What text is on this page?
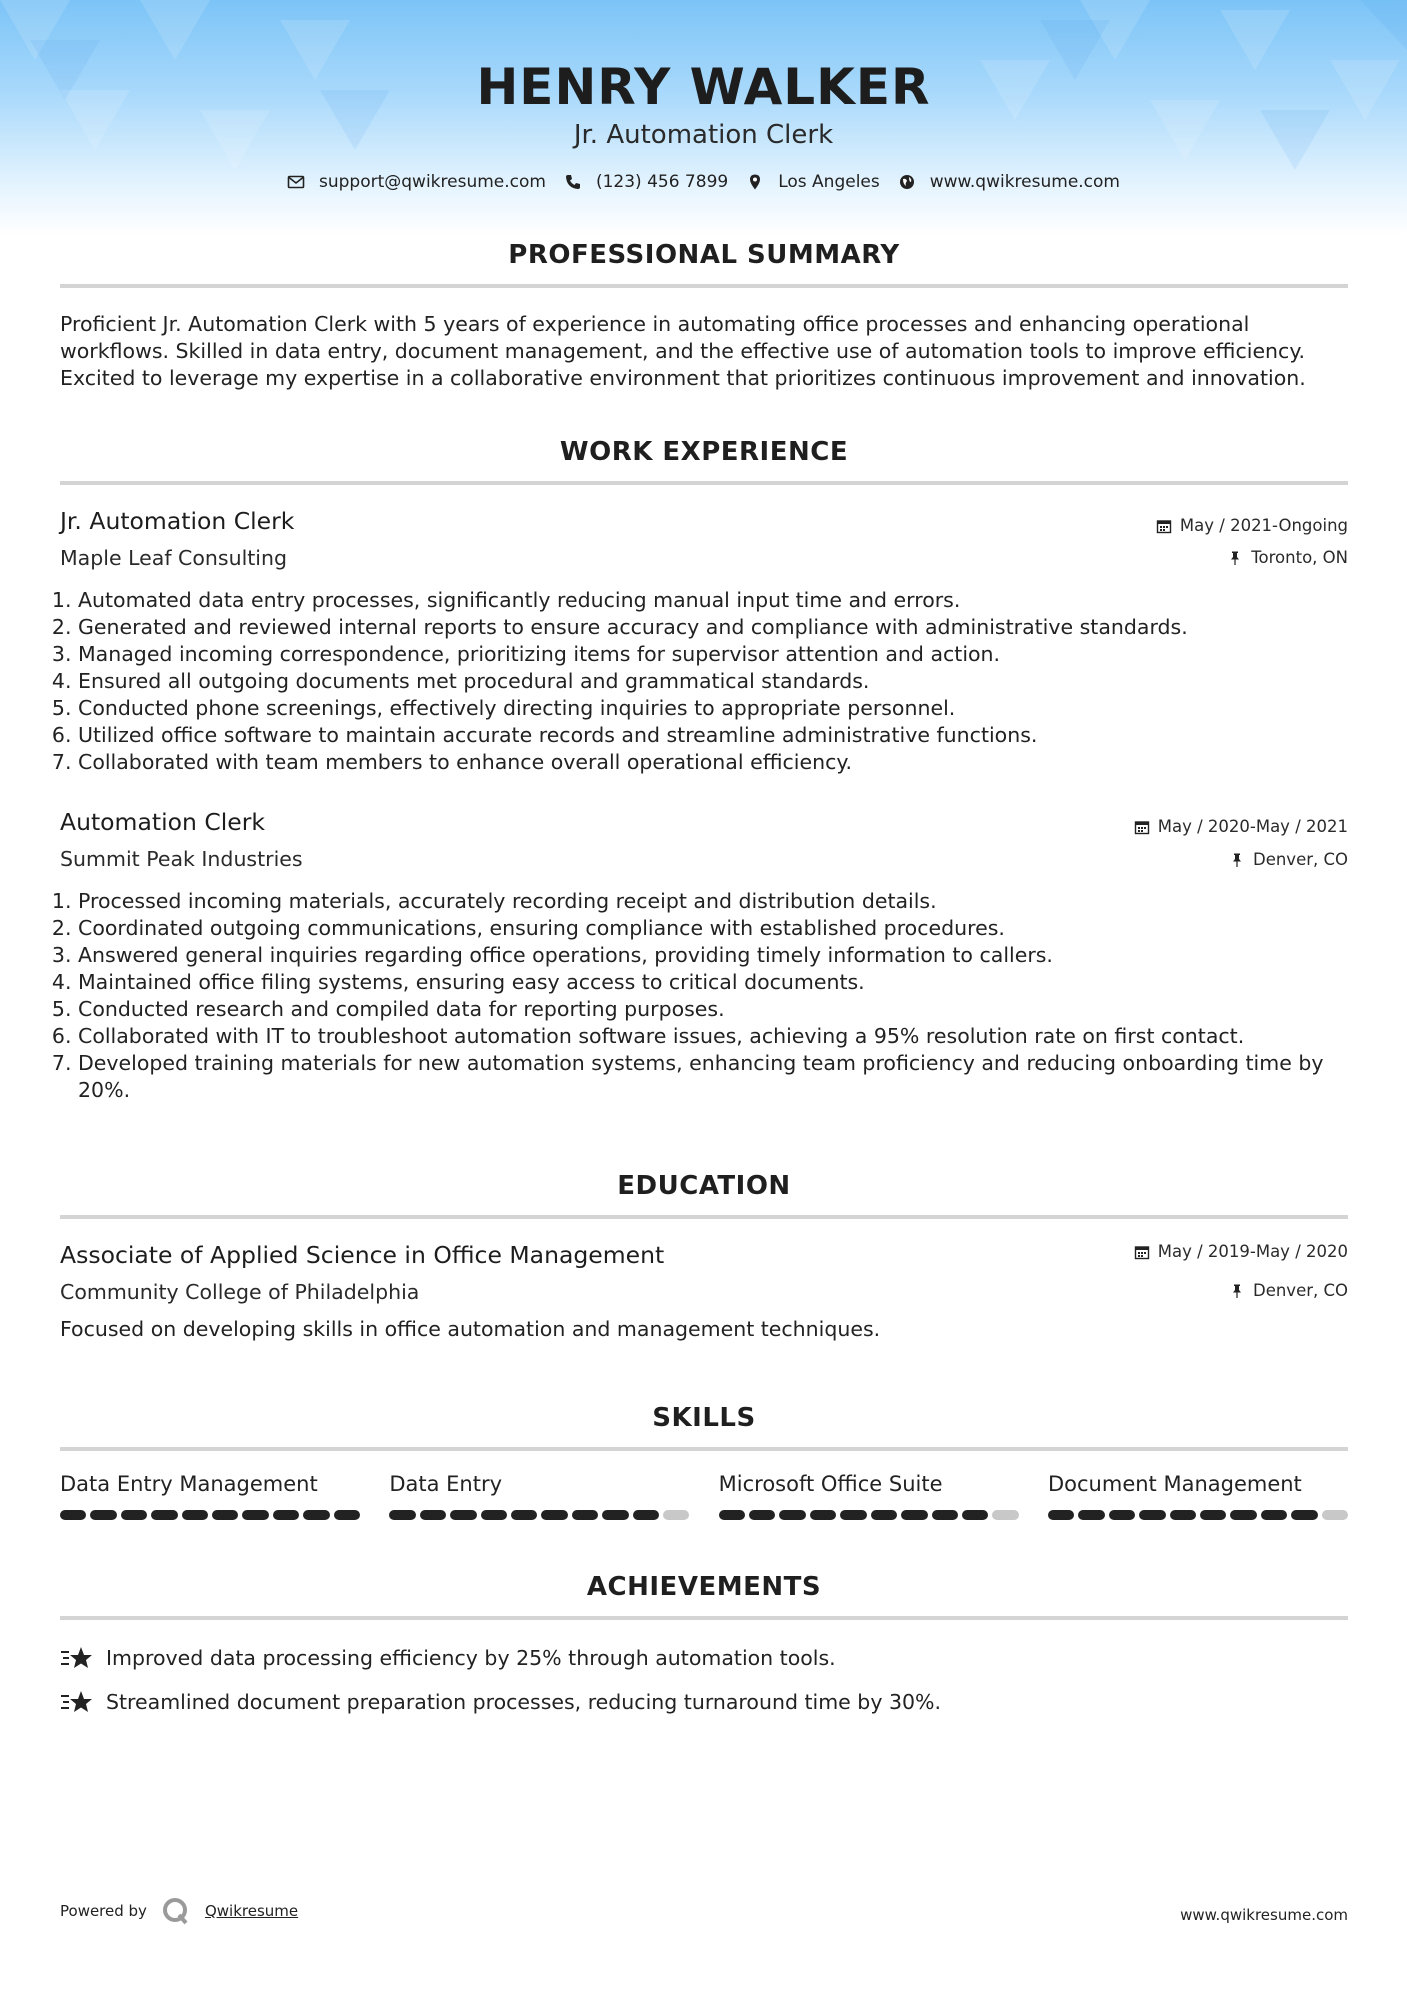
HENRY WALKER
Jr. Automation Clerk
support@qwikresume.com	(123) 456 7899	Los Angeles	www.qwikresume.com
PROFESSIONAL SUMMARY
Proficient Jr. Automation Clerk with 5 years of experience in automating office processes and enhancing operational workflows. Skilled in data entry, document management, and the effective use of automation tools to improve efficiency. Excited to leverage my expertise in a collaborative environment that prioritizes continuous improvement and innovation.
WORK EXPERIENCE
Jr. Automation Clerk	May / 2021-Ongoing
Maple Leaf Consulting	Toronto, ON
1. Automated data entry processes, significantly reducing manual input time and errors.
2. Generated and reviewed internal reports to ensure accuracy and compliance with administrative standards.
3. Managed incoming correspondence, prioritizing items for supervisor attention and action.
4. Ensured all outgoing documents met procedural and grammatical standards.
5. Conducted phone screenings, effectively directing inquiries to appropriate personnel.
6. Utilized office software to maintain accurate records and streamline administrative functions.
7. Collaborated with team members to enhance overall operational efficiency.
Automation Clerk	May / 2020-May / 2021
Summit Peak Industries	Denver, CO
1. Processed incoming materials, accurately recording receipt and distribution details.
2. Coordinated outgoing communications, ensuring compliance with established procedures.
3. Answered general inquiries regarding office operations, providing timely information to callers.
4. Maintained office filing systems, ensuring easy access to critical documents.
5. Conducted research and compiled data for reporting purposes.
6. Collaborated with IT to troubleshoot automation software issues, achieving a 95% resolution rate on first contact.
7. Developed training materials for new automation systems, enhancing team proficiency and reducing onboarding time by 20%.
EDUCATION
Associate of Applied Science in Office Management	May / 2019-May / 2020
Community College of Philadelphia	Denver, CO
Focused on developing skills in office automation and management techniques.
SKILLS
Data Entry Management	Data Entry	Microsoft Office Suite	Document Management
ACHIEVEMENTS
Improved data processing efficiency by 25% through automation tools.
Streamlined document preparation processes, reducing turnaround time by 30%.
Powered by	Qwikresume	www.qwikresume.com
